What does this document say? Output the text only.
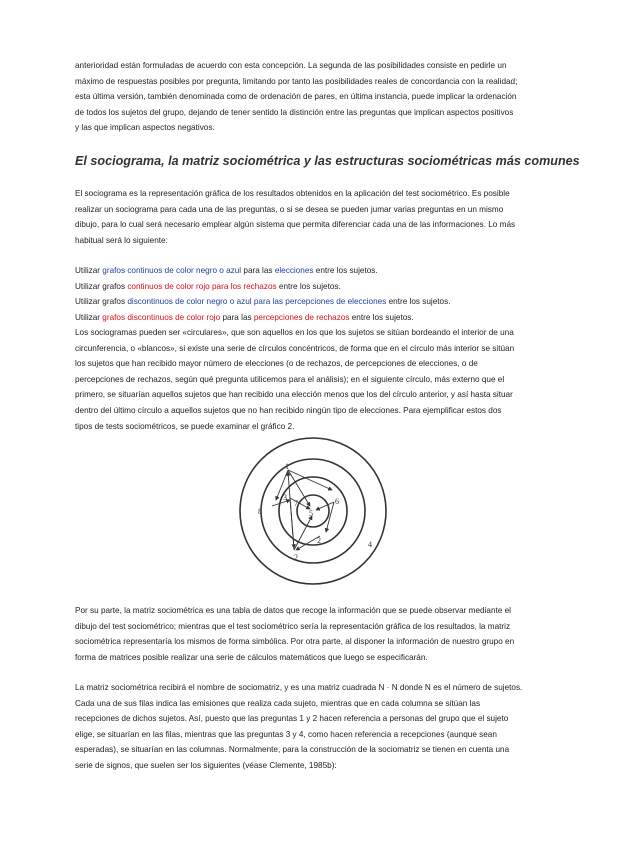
anterioridad están formuladas de acuerdo con esta concepción. La segunda de las posibilidades consiste en pedirle un
máximo de respuestas posibles por pregunta, limitando por tanto las posibilidades reales de concordancia con la realidad;
esta última versión, también denominada como de ordenación de pares, en última instancia, puede implicar la ordenación
de todos los sujetos del grupo, dejando de tener sentido la distinción entre las preguntas que implican aspectos positivos
y las que implican aspectos negativos.

El sociograma, la matriz sociométrica y las estructuras sociométricas más comunes

El sociograma es la representación gráfica de los resultados obtenidos en la aplicación del test sociométrico. Es posible
realizar un sociograma para cada una de las preguntas, o si se desea se pueden jumar varias preguntas en un mismo
dibujo, para lo cual será necesario emplear algún sistema que permita diferenciar cada una de las informaciones. Lo más
habitual será lo siguiente:

Utilizar grafos continuos de color negro o azul para las elecciones entre los sujetos.
Utilizar grafos continuos de color rojo para los rechazos entre los sujetos.
Utilizar grafos discontinuos de color negro o azul para las percepciones de elecciones entre los sujetos.
Utilizar grafos discontinuos de color rojo para las percepciones de rechazos entre los sujetos.

Los sociogramas pueden ser «circulares», que son aquellos en los que los sujetos se sitúan bordeando el interior de una
circunferencia, o «blancos», si existe una serie de círculos concéntricos, de forma que en el círculo más interior se sitúan
los sujetos que han recibido mayor número de elecciones (o de rechazos, de percepciones de elecciones, o de
percepciones de rechazos, según qué pregunta utilicemos para el análisis); en el siguiente círculo, más externo que el
primero, se situarían aquellos sujetos que han recibido una elección menos que los del círculo anterior, y así hasta situar
dentro del último círculo a aquellos sujetos que no han recibido ningún tipo de elecciones. Para ejemplificar estos dos
tipos de tests sociométricos, se puede examinar el gráfico 2.

1
3
5
6
2
7
8
2
4

Por su parte, la matriz sociométrica es una tabla de datos que recoge la información que se puede observar mediante el
dibujo del test sociométrico; mientras que el test sociométrico sería la representación gráfica de los resultados, la matriz
sociométrica representaría los mismos de forma simbólica. Por otra parte, al disponer la información de nuestro grupo en
forma de matrices posible realizar una serie de cálculos matemáticos que luego se especificarán.

La matriz sociométrica recibirá el nombre de sociomatriz, y es una matriz cuadrada N · N donde N es el número de sujetos.
Cada una de sus filas indica las emisiones que realiza cada sujeto, mientras que en cada columna se sitúan las
recepciones de dichos sujetos. Así, puesto que las preguntas 1 y 2 hacen referencia a personas del grupo que el sujeto
elige, se situarían en las filas, mientras que las preguntas 3 y 4, como hacen referencia a recepciones (aunque sean
esperadas), se situarían en las columnas. Normalmente, para la construcción de la sociomatriz se tienen en cuenta una
serie de signos, que suelen ser los siguientes (véase Clemente, 1985b):
